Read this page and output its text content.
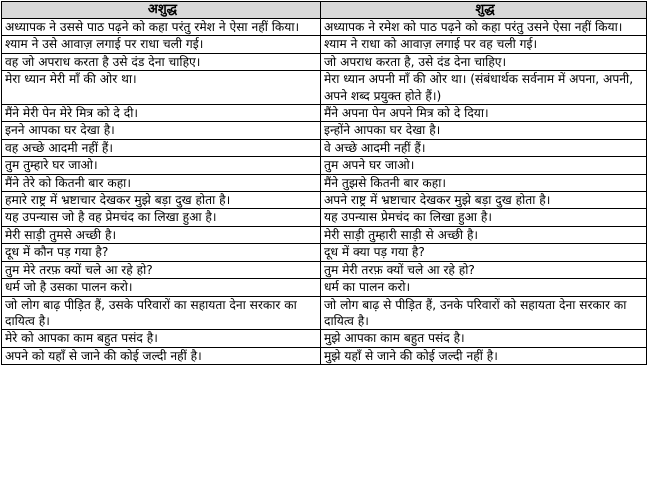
अशुद्ध	शुद्ध
अध्यापक ने उससे पाठ पढ़ने को कहा परंतु रमेश ने ऐसा नहीं किया।	अध्यापक ने रमेश को पाठ पढ़ने को कहा परंतु उसने ऐसा नहीं किया।
श्याम ने उसे आवाज़ लगाई पर राधा चली गई।	श्याम ने राधा को आवाज़ लगाई पर वह चली गई।
वह जो अपराध करता है उसे दंड देना चाहिए।	जो अपराध करता है, उसे दंड देना चाहिए।
मेरा ध्यान मेरी माँ की ओर था।	मेरा ध्यान अपनी माँ की ओर था। (संबंधार्थक सर्वनाम में अपना, अपनी, अपने शब्द प्रयुक्त होते हैं।)
मैंने मेरी पेन मेरे मित्र को दे दी।	मैंने अपना पेन अपने मित्र को दे दिया।
इनने आपका घर देखा है।	इन्होंने आपका घर देखा है।
वह अच्छे आदमी नहीं हैं।	वे अच्छे आदमी नहीं हैं।
तुम तुम्हारे घर जाओ।	तुम अपने घर जाओ।
मैंने तेरे को कितनी बार कहा।	मैंने तुझसे कितनी बार कहा।
हमारे राष्ट्र में भ्रष्टाचार देखकर मुझे बड़ा दुख होता है।	अपने राष्ट्र में भ्रष्टाचार देखकर मुझे बड़ा दुख होता है।
यह उपन्यास जो है वह प्रेमचंद का लिखा हुआ है।	यह उपन्यास प्रेमचंद का लिखा हुआ है।
मेरी साड़ी तुमसे अच्छी है।	मेरी साड़ी तुम्हारी साड़ी से अच्छी है।
दूध में कौन पड़ गया है?	दूध में क्या पड़ गया है?
तुम मेरे तरफ़ क्यों चले आ रहे हो?	तुम मेरी तरफ़ क्यों चले आ रहे हो?
धर्म जो है उसका पालन करो।	धर्म का पालन करो।
जो लोग बाढ़ पीड़ित हैं, उसके परिवारों का सहायता देना सरकार का दायित्व है।	जो लोग बाढ़ से पीड़ित हैं, उनके परिवारों को सहायता देना सरकार का दायित्व है।
मेरे को आपका काम बहुत पसंद है।	मुझे आपका काम बहुत पसंद है।
अपने को यहाँ से जाने की कोई जल्दी नहीं है।	मुझे यहाँ से जाने की कोई जल्दी नहीं है।
